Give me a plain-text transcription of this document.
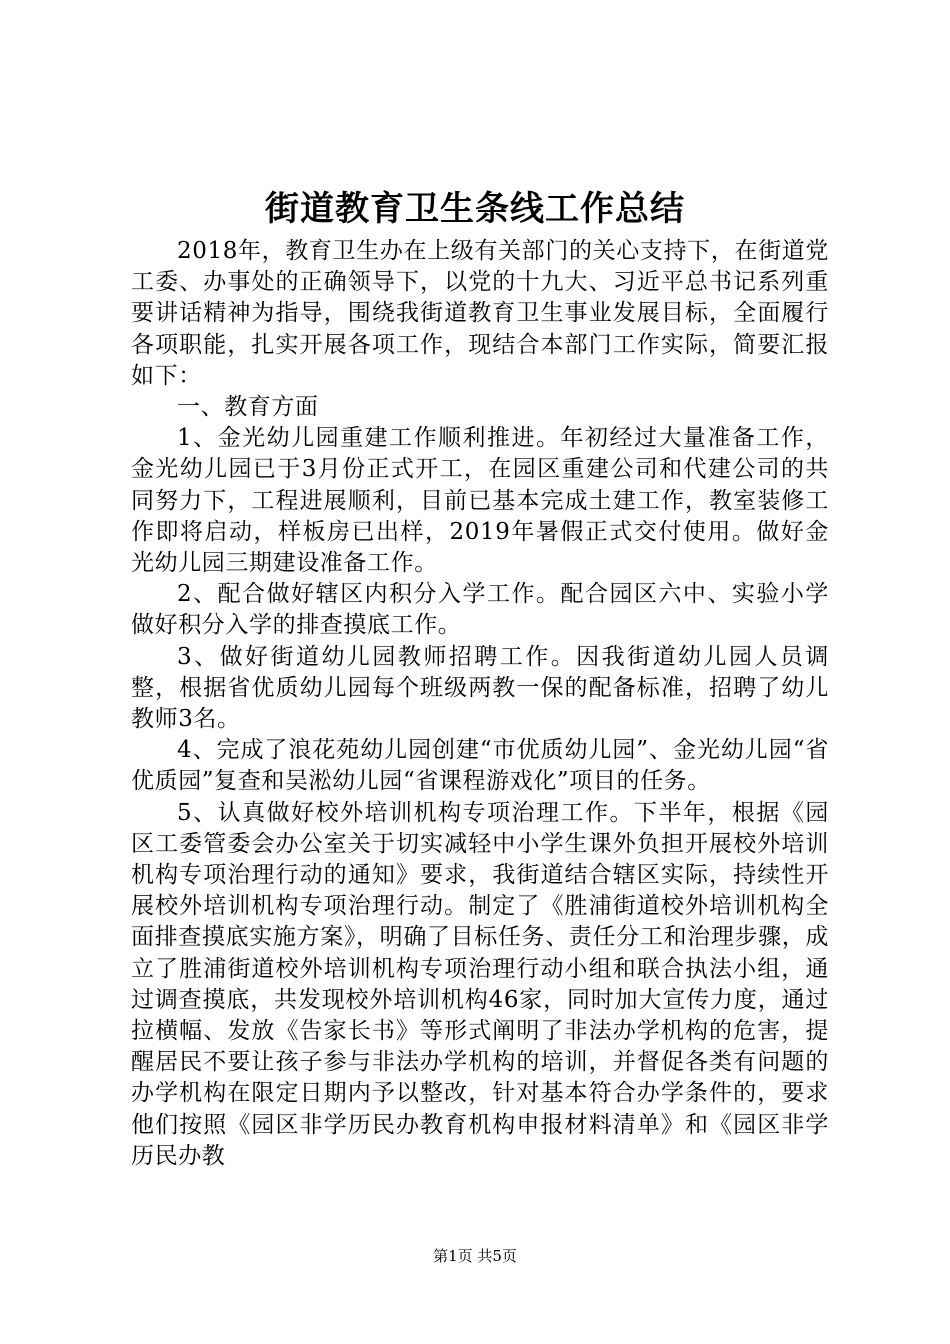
街道教育卫生条线工作总结

2018年，教育卫生办在上级有关部门的关心支持下，在街道党工委、办事处的正确领导下，以党的十九大、习近平总书记系列重要讲话精神为指导，围绕我街道教育卫生事业发展目标，全面履行各项职能，扎实开展各项工作，现结合本部门工作实际，简要汇报如下：

一、教育方面

1、金光幼儿园重建工作顺利推进。年初经过大量准备工作，金光幼儿园已于3月份正式开工，在园区重建公司和代建公司的共同努力下，工程进展顺利，目前已基本完成土建工作，教室装修工作即将启动，样板房已出样，2019年暑假正式交付使用。做好金光幼儿园三期建设准备工作。

2、配合做好辖区内积分入学工作。配合园区六中、实验小学做好积分入学的排查摸底工作。

3、做好街道幼儿园教师招聘工作。因我街道幼儿园人员调整，根据省优质幼儿园每个班级两教一保的配备标准，招聘了幼儿教师3名。

4、完成了浪花苑幼儿园创建“市优质幼儿园”、金光幼儿园“省优质园”复查和吴淞幼儿园“省课程游戏化”项目的任务。

5、认真做好校外培训机构专项治理工作。下半年，根据《园区工委管委会办公室关于切实减轻中小学生课外负担开展校外培训机构专项治理行动的通知》要求，我街道结合辖区实际，持续性开展校外培训机构专项治理行动。制定了《胜浦街道校外培训机构全面排查摸底实施方案》，明确了目标任务、责任分工和治理步骤，成立了胜浦街道校外培训机构专项治理行动小组和联合执法小组，通过调查摸底，共发现校外培训机构46家，同时加大宣传力度，通过拉横幅、发放《告家长书》等形式阐明了非法办学机构的危害，提醒居民不要让孩子参与非法办学机构的培训，并督促各类有问题的办学机构在限定日期内予以整改，针对基本符合办学条件的，要求他们按照《园区非学历民办教育机构申报材料清单》和《园区非学历民办教

第1页 共5页
